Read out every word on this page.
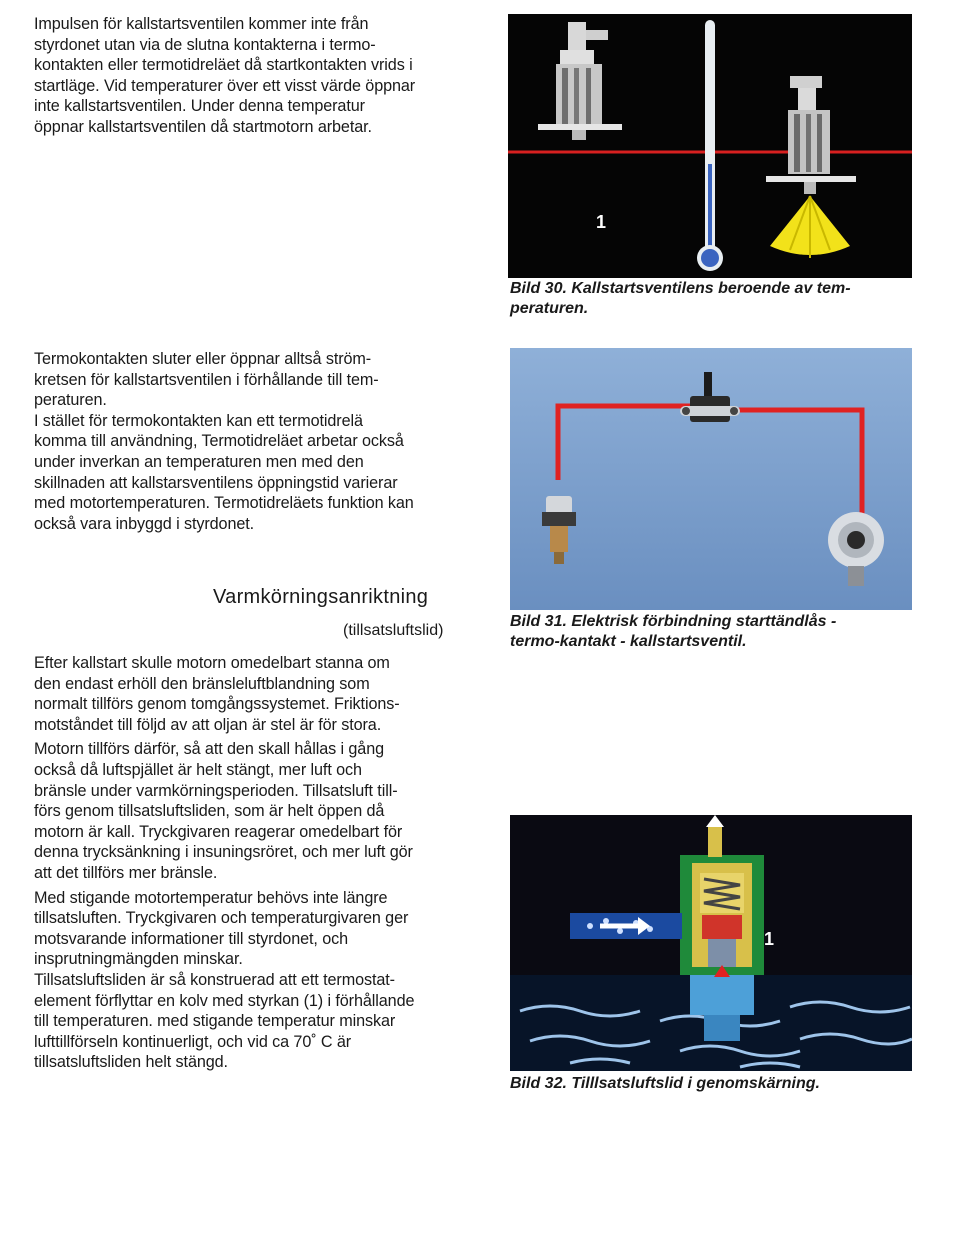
Impulsen för kallstartsventilen kommer inte från

styrdonet utan via de slutna kontakterna i termo-

kontakten eller termotidreläet då startkontakten vrids i

startläge. Vid temperaturer över ett visst värde öppnar

inte kallstartsventilen. Under denna temperatur

öppnar kallstartsventilen då startmotorn arbetar.

Termokontakten sluter eller öppnar alltså ström-

kretsen för kallstartsventilen i förhållande till tem-

peraturen.

I stället för termokontakten kan ett termotidrelä

komma till användning, Termotidreläet arbetar också

under inverkan an temperaturen men med den

skillnaden att kallstarsventilens öppningstid varierar

med motortemperaturen. Termotidreläets funktion kan

också vara inbyggd i styrdonet.

Varmkörningsanriktning
(tillsatsluftslid)

Efter kallstart skulle motorn omedelbart stanna om

den endast erhöll den bränsleluftblandning som

normalt tillförs genom tomgångssystemet. Friktions-

motståndet till följd av att oljan är stel är för stora.

Motorn tillförs därför, så att den skall hållas i gång

också då luftspjället är helt stängt, mer luft och

bränsle under varmkörningsperioden. Tillsatsluft till-

förs genom tillsatsluftsliden, som är helt öppen då

motorn är kall. Tryckgivaren reagerar omedelbart för

denna trycksänkning i insuningsröret, och mer luft gör

att det tillförs mer bränsle.

Med stigande motortemperatur behövs inte längre

tillsatsluften. Tryckgivaren och temperaturgivaren ger

motsvarande informationer till styrdonet, och

insprutningmängden minskar.

Tillsatsluftsliden är så konstruerad att ett termostat-

element förflyttar en kolv med styrkan (1) i förhållande

till temperaturen. med stigande temperatur minskar

lufttillförseln kontinuerligt, och vid ca 70˚ C är

tillsatsluftsliden helt stängd.

1
Bild 30. Kallstartsventilens beroende av tem-
peraturen.
Bild 31. Elektrisk förbindning starttändlås -
termo-kantakt - kallstartsventil.
1
Bild 32. Tilllsatsluftslid i genomskärning.
